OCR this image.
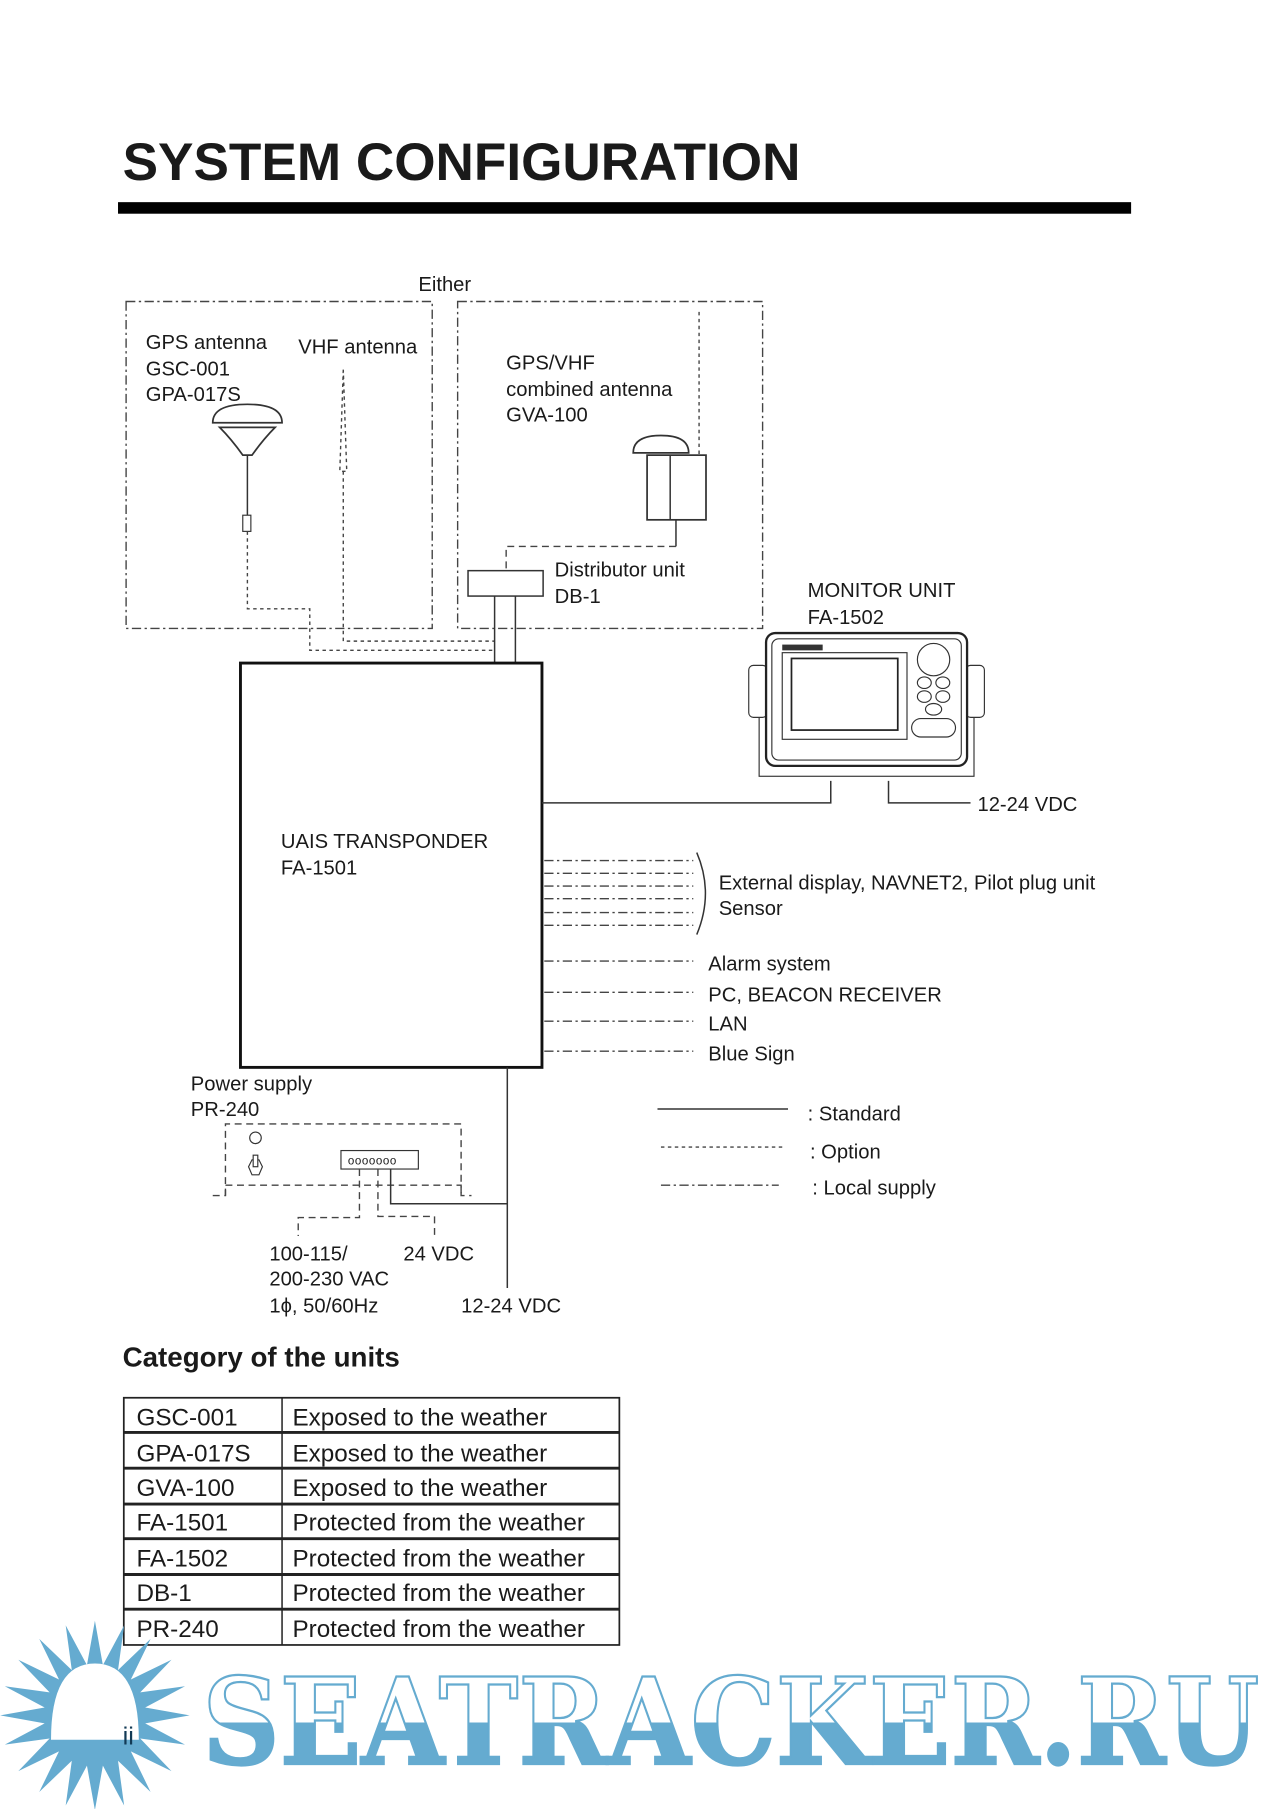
SYSTEM CONFIGURATION
Either
GPS antenna
GSC-001
GPA-017S
VHF antenna
GPS/VHF
combined antenna
GVA-100
Distributor unit
DB-1
UAIS TRANSPONDER
FA-1501
MONITOR UNIT
FA-1502
12-24 VDC
External display, NAVNET2, Pilot plug unit
Sensor
Alarm system
PC, BEACON RECEIVER
LAN
Blue Sign
: Standard
: Option
: Local supply
Power supply
PR-240
ooooooo
100-115/
200-230 VAC
1ϕ, 50/60Hz
24 VDC
12-24 VDC
Category of the units
GSC-001	Exposed to the weather
GPA-017S Exposed to the weather
GVA-100	Exposed to the weather
FA-1501	Protected from the weather
FA-1502	Protected from the weather
DB-1	Protected from the weather
PR-240	Protected from the weather
ii SEATRACKER.RU
